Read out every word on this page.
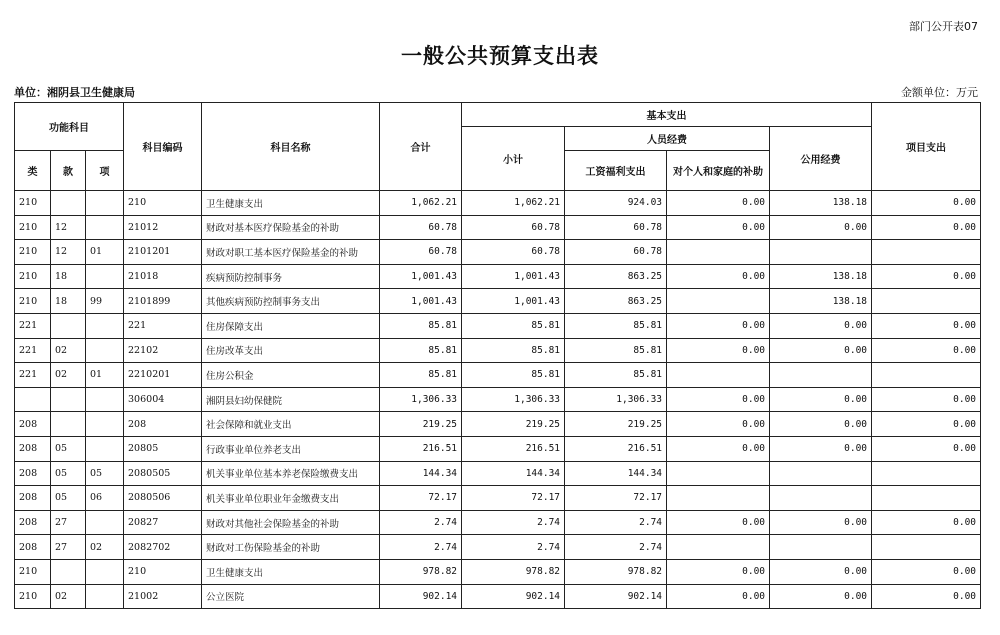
部门公开表07
一般公共预算支出表
单位：湘阴县卫生健康局	金额单位：万元
功能科目			科目编码	科目名称	合计	基本支出				项目支出
						小计	人员经费		公用经费	
类	款	项					工资福利支出	对个人和家庭的补助		
210			210	卫生健康支出	1,062.21	1,062.21	924.03	0.00	138.18	0.00
210	12		21012	财政对基本医疗保险基金的补助	60.78	60.78	60.78	0.00	0.00	0.00
210	12	01	2101201	财政对职工基本医疗保险基金的补助	60.78	60.78	60.78			
210	18		21018	疾病预防控制事务	1,001.43	1,001.43	863.25	0.00	138.18	0.00
210	18	99	2101899	其他疾病预防控制事务支出	1,001.43	1,001.43	863.25		138.18	
221			221	住房保障支出	85.81	85.81	85.81	0.00	0.00	0.00
221	02		22102	住房改革支出	85.81	85.81	85.81	0.00	0.00	0.00
221	02	01	2210201	住房公积金	85.81	85.81	85.81			
			306004	湘阴县妇幼保健院	1,306.33	1,306.33	1,306.33	0.00	0.00	0.00
208			208	社会保障和就业支出	219.25	219.25	219.25	0.00	0.00	0.00
208	05		20805	行政事业单位养老支出	216.51	216.51	216.51	0.00	0.00	0.00
208	05	05	2080505	机关事业单位基本养老保险缴费支出	144.34	144.34	144.34			
208	05	06	2080506	机关事业单位职业年金缴费支出	72.17	72.17	72.17			
208	27		20827	财政对其他社会保险基金的补助	2.74	2.74	2.74	0.00	0.00	0.00
208	27	02	2082702	财政对工伤保险基金的补助	2.74	2.74	2.74			
210			210	卫生健康支出	978.82	978.82	978.82	0.00	0.00	0.00
210	02		21002	公立医院	902.14	902.14	902.14	0.00	0.00	0.00
